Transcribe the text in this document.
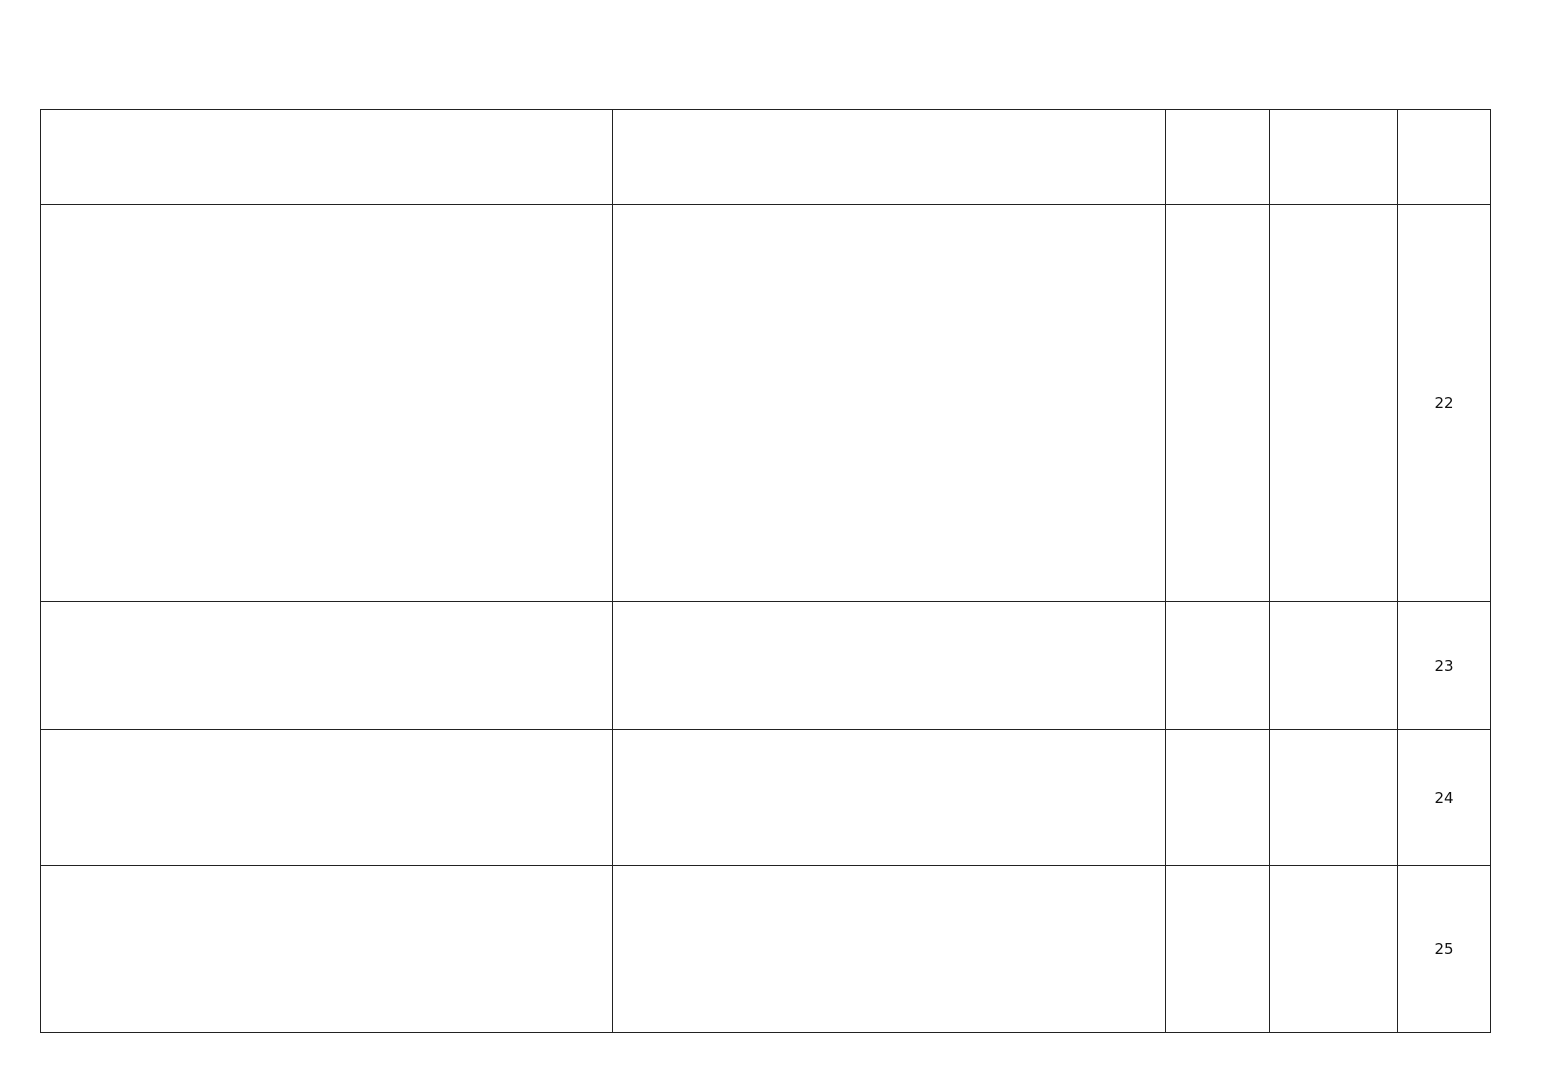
				22
				23
				24
				25
